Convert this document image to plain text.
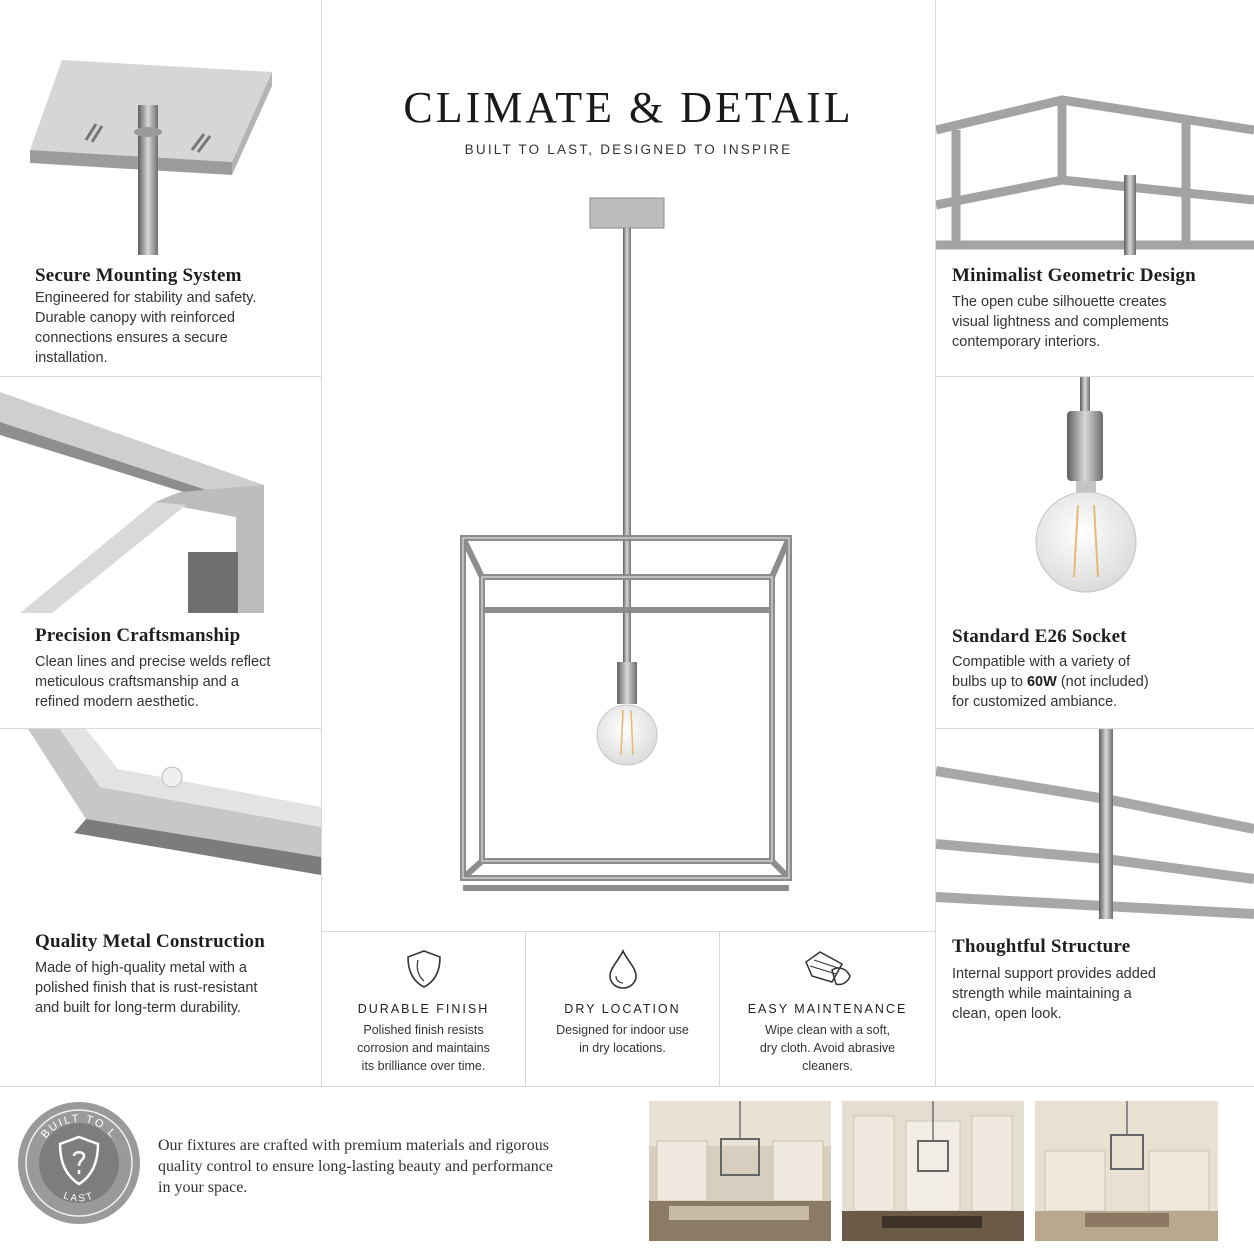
CLIMATE & DETAIL
BUILT TO LAST, DESIGNED TO INSPIRE
Secure Mounting System
Engineered for stability and safety.
Durable canopy with reinforced
connections ensures a secure
installation.
Precision Craftsmanship
Clean lines and precise welds reflect
meticulous craftsmanship and a
refined modern aesthetic.
Quality Metal Construction
Made of high-quality metal with a
polished finish that is rust-resistant
and built for long-term durability.
Minimalist Geometric Design
The open cube silhouette creates
visual lightness and complements
contemporary interiors.
Standard E26 Socket
Compatible with a variety of
bulbs up to 60W (not included)
for customized ambiance.
Thoughtful Structure
Internal support provides added
strength while maintaining a
clean, open look.
DURABLE FINISH
Polished finish resists
corrosion and maintains
its brilliance over time.
DRY LOCATION
Designed for indoor use
in dry locations.
EASY MAINTENANCE
Wipe clean with a soft,
dry cloth. Avoid abrasive
cleaners.
BUILT TO L
LAST
Our fixtures are crafted with premium materials and rigorous
quality control to ensure long-lasting beauty and performance
in your space.
